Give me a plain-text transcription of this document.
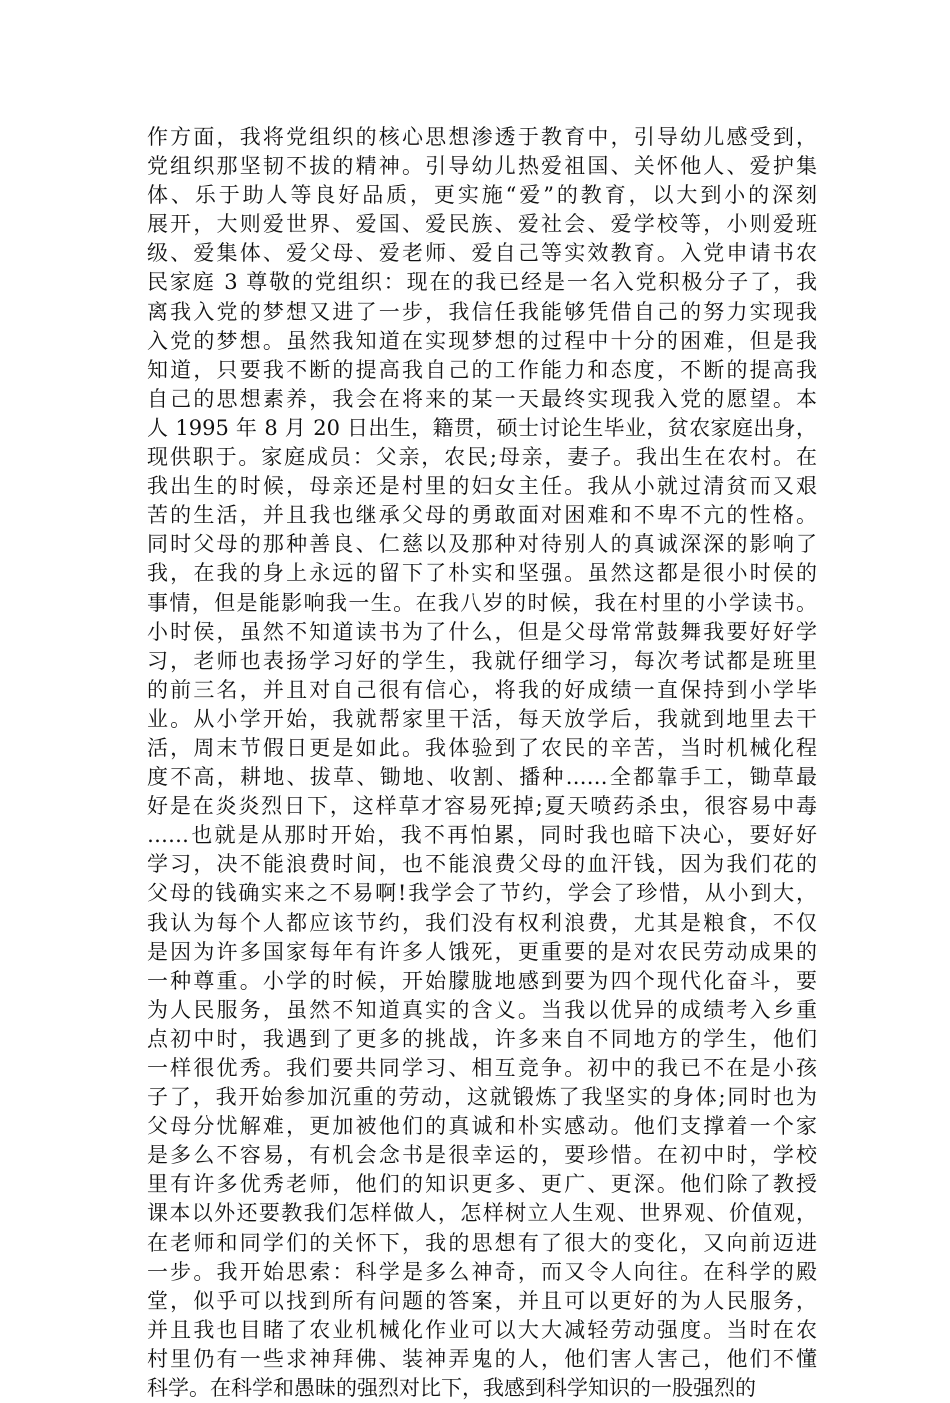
作方面，我将党组织的核心思想渗透于教育中，引导幼儿感受到，
党组织那坚韧不拔的精神。引导幼儿热爱祖国、关怀他人、爱护集
体、乐于助人等良好品质，更实施“爱”的教育，以大到小的深刻
展开，大则爱世界、爱国、爱民族、爱社会、爱学校等，小则爱班
级、爱集体、爱父母、爱老师、爱自己等实效教育。入党申请书农
民家庭 3 尊敬的党组织：现在的我已经是一名入党积极分子了，我
离我入党的梦想又进了一步，我信任我能够凭借自己的努力实现我
入党的梦想。虽然我知道在实现梦想的过程中十分的困难，但是我
知道，只要我不断的提高我自己的工作能力和态度，不断的提高我
自己的思想素养，我会在将来的某一天最终实现我入党的愿望。本
人 1995 年 8 月 20 日出生，籍贯，硕士讨论生毕业，贫农家庭出身，
现供职于。家庭成员：父亲，农民;母亲，妻子。我出生在农村。在
我出生的时候，母亲还是村里的妇女主任。我从小就过清贫而又艰
苦的生活，并且我也继承父母的勇敢面对困难和不卑不亢的性格。
同时父母的那种善良、仁慈以及那种对待别人的真诚深深的影响了
我，在我的身上永远的留下了朴实和坚强。虽然这都是很小时侯的
事情，但是能影响我一生。在我八岁的时候，我在村里的小学读书。
小时侯，虽然不知道读书为了什么，但是父母常常鼓舞我要好好学
习，老师也表扬学习好的学生，我就仔细学习，每次考试都是班里
的前三名，并且对自己很有信心，将我的好成绩一直保持到小学毕
业。从小学开始，我就帮家里干活，每天放学后，我就到地里去干
活，周末节假日更是如此。我体验到了农民的辛苦，当时机械化程
度不高，耕地、拔草、锄地、收割、播种……全都靠手工，锄草最
好是在炎炎烈日下，这样草才容易死掉;夏天喷药杀虫，很容易中毒
……也就是从那时开始，我不再怕累，同时我也暗下决心，要好好
学习，决不能浪费时间，也不能浪费父母的血汗钱，因为我们花的
父母的钱确实来之不易啊!我学会了节约，学会了珍惜，从小到大，
我认为每个人都应该节约，我们没有权利浪费，尤其是粮食，不仅
是因为许多国家每年有许多人饿死，更重要的是对农民劳动成果的
一种尊重。小学的时候，开始朦胧地感到要为四个现代化奋斗，要
为人民服务，虽然不知道真实的含义。当我以优异的成绩考入乡重
点初中时，我遇到了更多的挑战，许多来自不同地方的学生，他们
一样很优秀。我们要共同学习、相互竞争。初中的我已不在是小孩
子了，我开始参加沉重的劳动，这就锻炼了我坚实的身体;同时也为
父母分忧解难，更加被他们的真诚和朴实感动。他们支撑着一个家
是多么不容易，有机会念书是很幸运的，要珍惜。在初中时，学校
里有许多优秀老师，他们的知识更多、更广、更深。他们除了教授
课本以外还要教我们怎样做人，怎样树立人生观、世界观、价值观，
在老师和同学们的关怀下，我的思想有了很大的变化，又向前迈进
一步。我开始思索：科学是多么神奇，而又令人向往。在科学的殿
堂，似乎可以找到所有问题的答案，并且可以更好的为人民服务，
并且我也目睹了农业机械化作业可以大大减轻劳动强度。当时在农
村里仍有一些求神拜佛、装神弄鬼的人，他们害人害己，他们不懂
科学。在科学和愚昧的强烈对比下，我感到科学知识的一股强烈的
